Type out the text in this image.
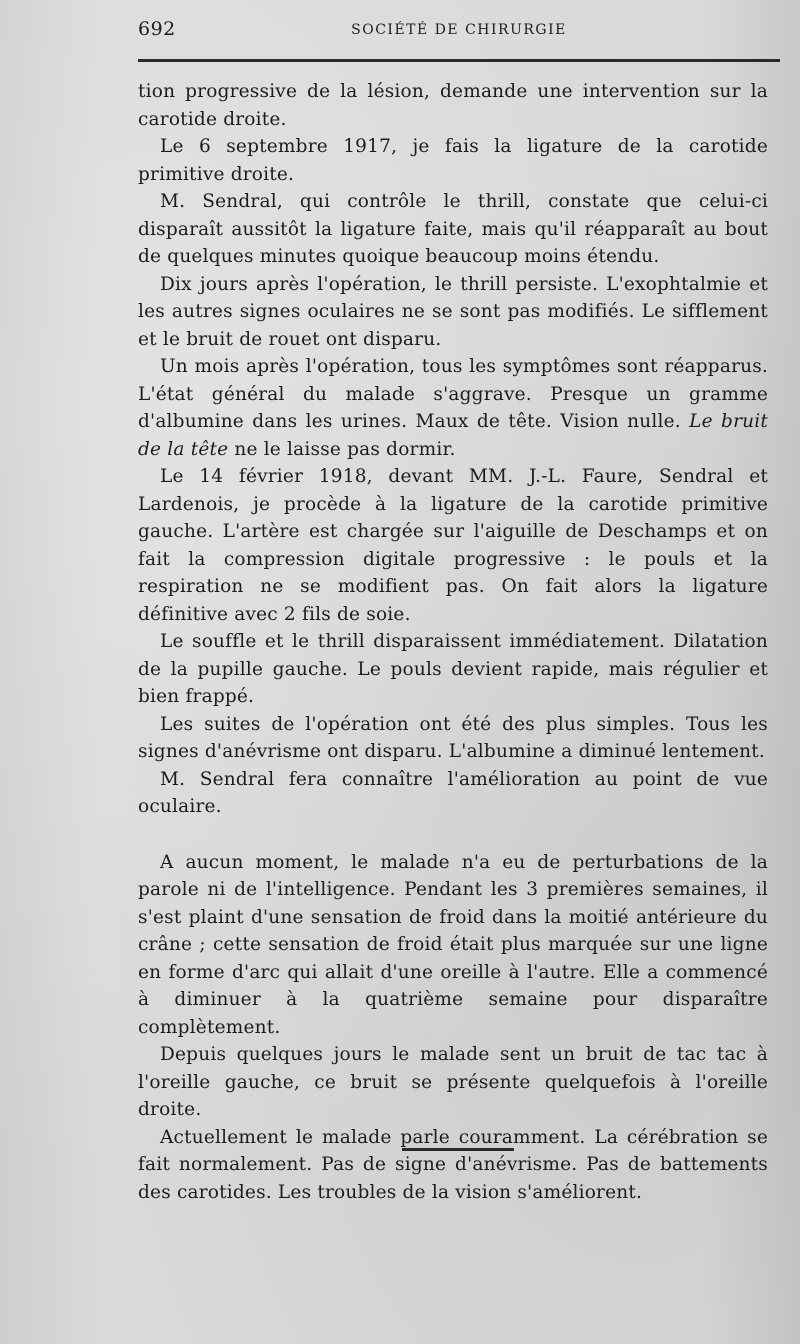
692	SOCIÉTÉ DE CHIRURGIE

tion progressive de la lésion, demande une intervention sur la carotide droite.

Le 6 septembre 1917, je fais la ligature de la carotide primitive droite.

M. Sendral, qui contrôle le thrill, constate que celui-ci disparaît aussitôt la ligature faite, mais qu'il réapparaît au bout de quelques minutes quoique beaucoup moins étendu.

Dix jours après l'opération, le thrill persiste. L'exophtalmie et les autres signes oculaires ne se sont pas modifiés. Le sifflement et le bruit de rouet ont disparu.

Un mois après l'opération, tous les symptômes sont réapparus. L'état général du malade s'aggrave. Presque un gramme d'albumine dans les urines. Maux de tête. Vision nulle. Le bruit de la tête ne le laisse pas dormir.

Le 14 février 1918, devant MM. J.-L. Faure, Sendral et Lardenois, je procède à la ligature de la carotide primitive gauche. L'artère est chargée sur l'aiguille de Deschamps et on fait la compression digitale progressive : le pouls et la respiration ne se modifient pas. On fait alors la ligature définitive avec 2 fils de soie.

Le souffle et le thrill disparaissent immédiatement. Dilatation de la pupille gauche. Le pouls devient rapide, mais régulier et bien frappé.

Les suites de l'opération ont été des plus simples. Tous les signes d'anévrisme ont disparu. L'albumine a diminué lentement.

M. Sendral fera connaître l'amélioration au point de vue oculaire.

A aucun moment, le malade n'a eu de perturbations de la parole ni de l'intelligence. Pendant les 3 premières semaines, il s'est plaint d'une sensation de froid dans la moitié antérieure du crâne ; cette sensation de froid était plus marquée sur une ligne en forme d'arc qui allait d'une oreille à l'autre. Elle a commencé à diminuer à la quatrième semaine pour disparaître complètement.

Depuis quelques jours le malade sent un bruit de tac tac à l'oreille gauche, ce bruit se présente quelquefois à l'oreille droite.

Actuellement le malade parle couramment. La cérébration se fait normalement. Pas de signe d'anévrisme. Pas de battements des carotides. Les troubles de la vision s'améliorent.
